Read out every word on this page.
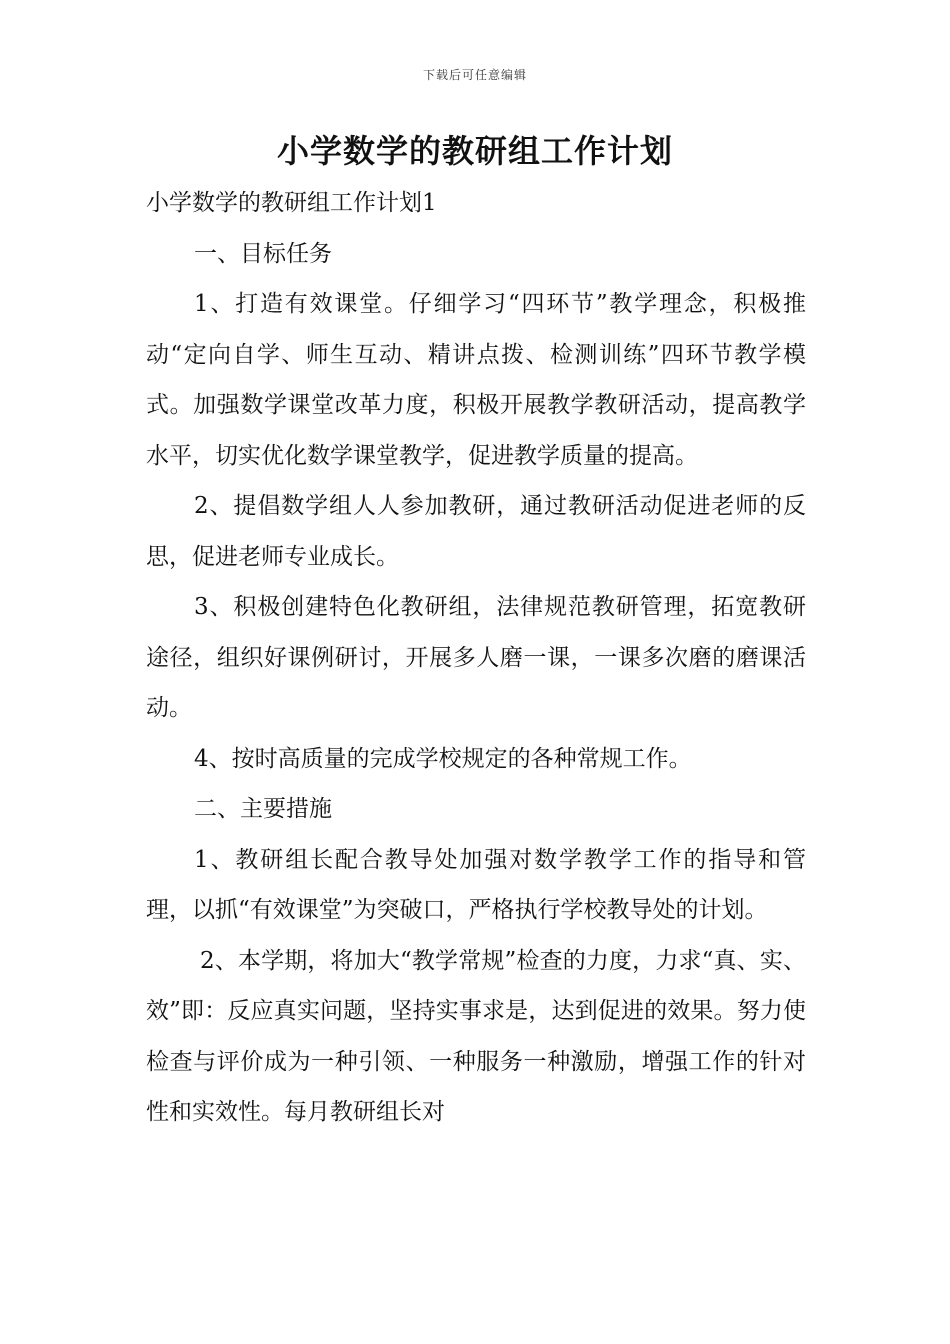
下载后可任意编辑
小学数学的教研组工作计划

小学数学的教研组工作计划1

一、目标任务

1、打造有效课堂。仔细学习“四环节”教学理念，积极推动“定向自学、师生互动、精讲点拨、检测训练”四环节教学模式。加强数学课堂改革力度，积极开展教学教研活动，提高教学水平，切实优化数学课堂教学，促进教学质量的提高。

2、提倡数学组人人参加教研，通过教研活动促进老师的反思，促进老师专业成长。

3、积极创建特色化教研组，法律规范教研管理，拓宽教研途径，组织好课例研讨，开展多人磨一课，一课多次磨的磨课活动。

4、按时高质量的完成学校规定的各种常规工作。

二、主要措施

1、教研组长配合教导处加强对数学教学工作的指导和管理，以抓“有效课堂”为突破口，严格执行学校教导处的计划。

2、本学期，将加大“教学常规”检查的力度，力求“真、实、效”即：反应真实问题，坚持实事求是，达到促进的效果。努力使检查与评价成为一种引领、一种服务一种激励，增强工作的针对性和实效性。每月教研组长对
